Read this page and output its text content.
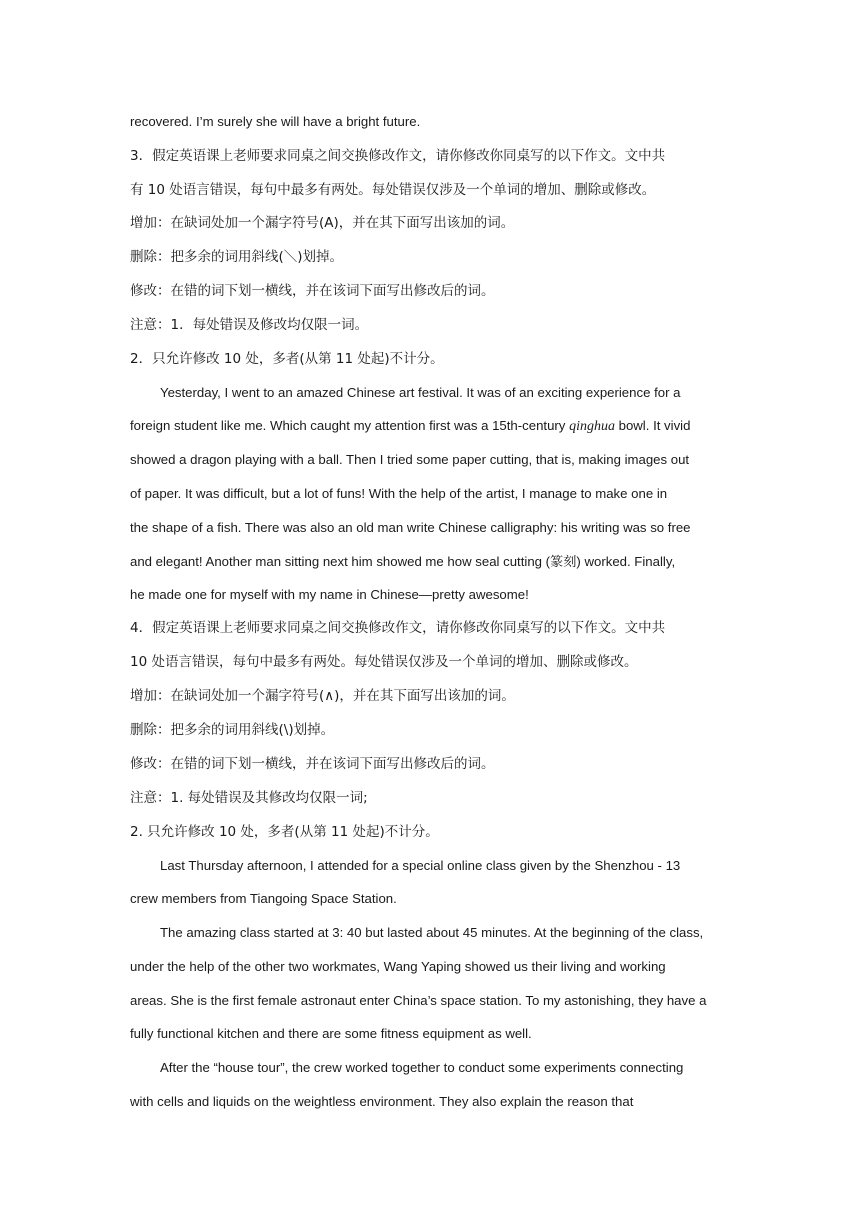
recovered. I’m surely she will have a bright future.
3．假定英语课上老师要求同桌之间交换修改作文，请你修改你同桌写的以下作文。文中共
有 10 处语言错误，每句中最多有两处。每处错误仅涉及一个单词的增加、删除或修改。
增加：在缺词处加一个漏字符号(A)，并在其下面写出该加的词。
删除：把多余的词用斜线(＼)划掉。
修改：在错的词下划一横线，并在该词下面写出修改后的词。
注意：1．每处错误及修改均仅限一词。
2．只允许修改 10 处，多者(从第 11 处起)不计分。
Yesterday, I went to an amazed Chinese art festival. It was of an exciting experience for a
foreign student like me. Which caught my attention first was a 15th-century qinghua bowl. It vivid
showed a dragon playing with a ball. Then I tried some paper cutting, that is, making images out
of paper. It was difficult, but a lot of funs! With the help of the artist, I manage to make one in
the shape of a fish. There was also an old man write Chinese calligraphy: his writing was so free
and elegant! Another man sitting next him showed me how seal cutting (篆刻) worked. Finally,
he made one for myself with my name in Chinese—pretty awesome!
4．假定英语课上老师要求同桌之间交换修改作文，请你修改你同桌写的以下作文。文中共
10 处语言错误，每句中最多有两处。每处错误仅涉及一个单词的增加、删除或修改。
增加：在缺词处加一个漏字符号(∧)，并在其下面写出该加的词。
删除：把多余的词用斜线(\)划掉。
修改：在错的词下划一横线，并在该词下面写出修改后的词。
注意：1. 每处错误及其修改均仅限一词;
2. 只允许修改 10 处，多者(从第 11 处起)不计分。
Last Thursday afternoon, I attended for a special online class given by the Shenzhou - 13
crew members from Tiangoing Space Station.
The amazing class started at 3: 40 but lasted about 45 minutes. At the beginning of the class,
under the help of the other two workmates, Wang Yaping showed us their living and working
areas. She is the first female astronaut enter China’s space station. To my astonishing, they have a
fully functional kitchen and there are some fitness equipment as well.
After the “house tour”, the crew worked together to conduct some experiments connecting
with cells and liquids on the weightless environment. They also explain the reason that
